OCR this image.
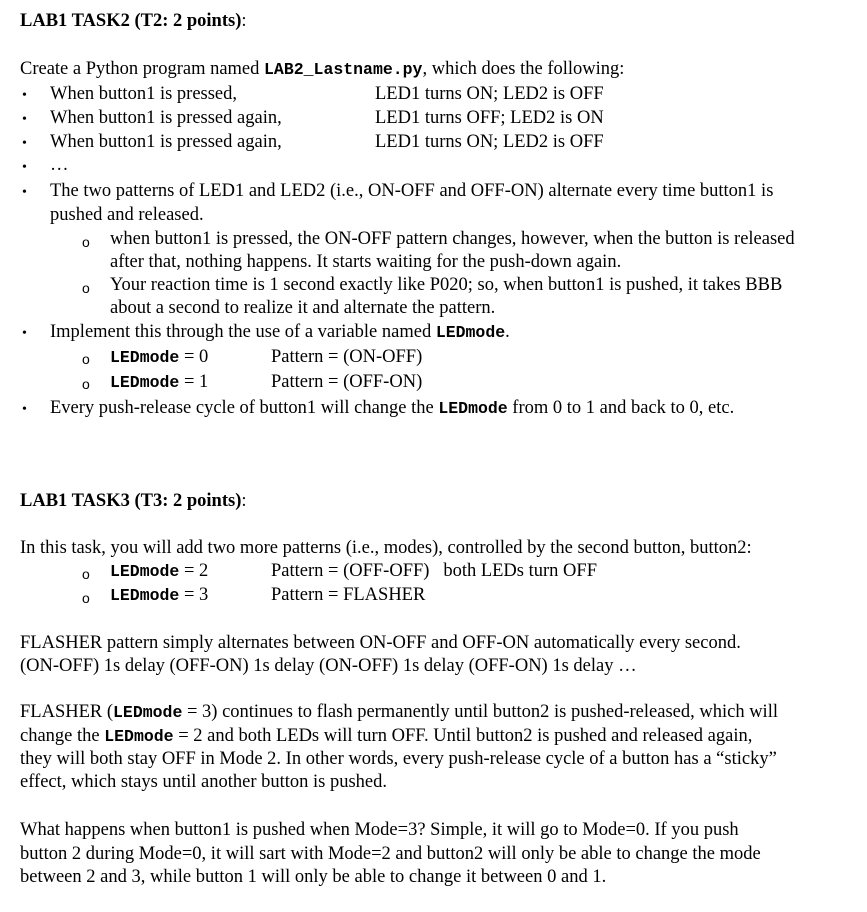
LAB1 TASK2 (T2: 2 points):
Create a Python program named LAB2_Lastname.py, which does the following:
• When button1 is pressed,	LED1 turns ON; LED2 is OFF
• When button1 is pressed again,	LED1 turns OFF; LED2 is ON
• When button1 is pressed again,	LED1 turns ON; LED2 is OFF
• …
• The two patterns of LED1 and LED2 (i.e., ON-OFF and OFF-ON) alternate every time button1 is
pushed and released.
o when button1 is pressed, the ON-OFF pattern changes, however, when the button is released
after that, nothing happens. It starts waiting for the push-down again.
o Your reaction time is 1 second exactly like P020; so, when button1 is pushed, it takes BBB
about a second to realize it and alternate the pattern.
• Implement this through the use of a variable named LEDmode.
o LEDmode = 0	Pattern = (ON-OFF)
o LEDmode = 1	Pattern = (OFF-ON)
• Every push-release cycle of button1 will change the LEDmode from 0 to 1 and back to 0, etc.
LAB1 TASK3 (T3: 2 points):
In this task, you will add two more patterns (i.e., modes), controlled by the second button, button2:
o LEDmode = 2	Pattern = (OFF-OFF)   both LEDs turn OFF
o LEDmode = 3	Pattern = FLASHER
FLASHER pattern simply alternates between ON-OFF and OFF-ON automatically every second.
(ON-OFF) 1s delay (OFF-ON) 1s delay (ON-OFF) 1s delay (OFF-ON) 1s delay …
FLASHER (LEDmode = 3) continues to flash permanently until button2 is pushed-released, which will
change the LEDmode = 2 and both LEDs will turn OFF. Until button2 is pushed and released again,
they will both stay OFF in Mode 2. In other words, every push-release cycle of a button has a “sticky”
effect, which stays until another button is pushed.
What happens when button1 is pushed when Mode=3? Simple, it will go to Mode=0. If you push
button 2 during Mode=0, it will sart with Mode=2 and button2 will only be able to change the mode
between 2 and 3, while button 1 will only be able to change it between 0 and 1.
